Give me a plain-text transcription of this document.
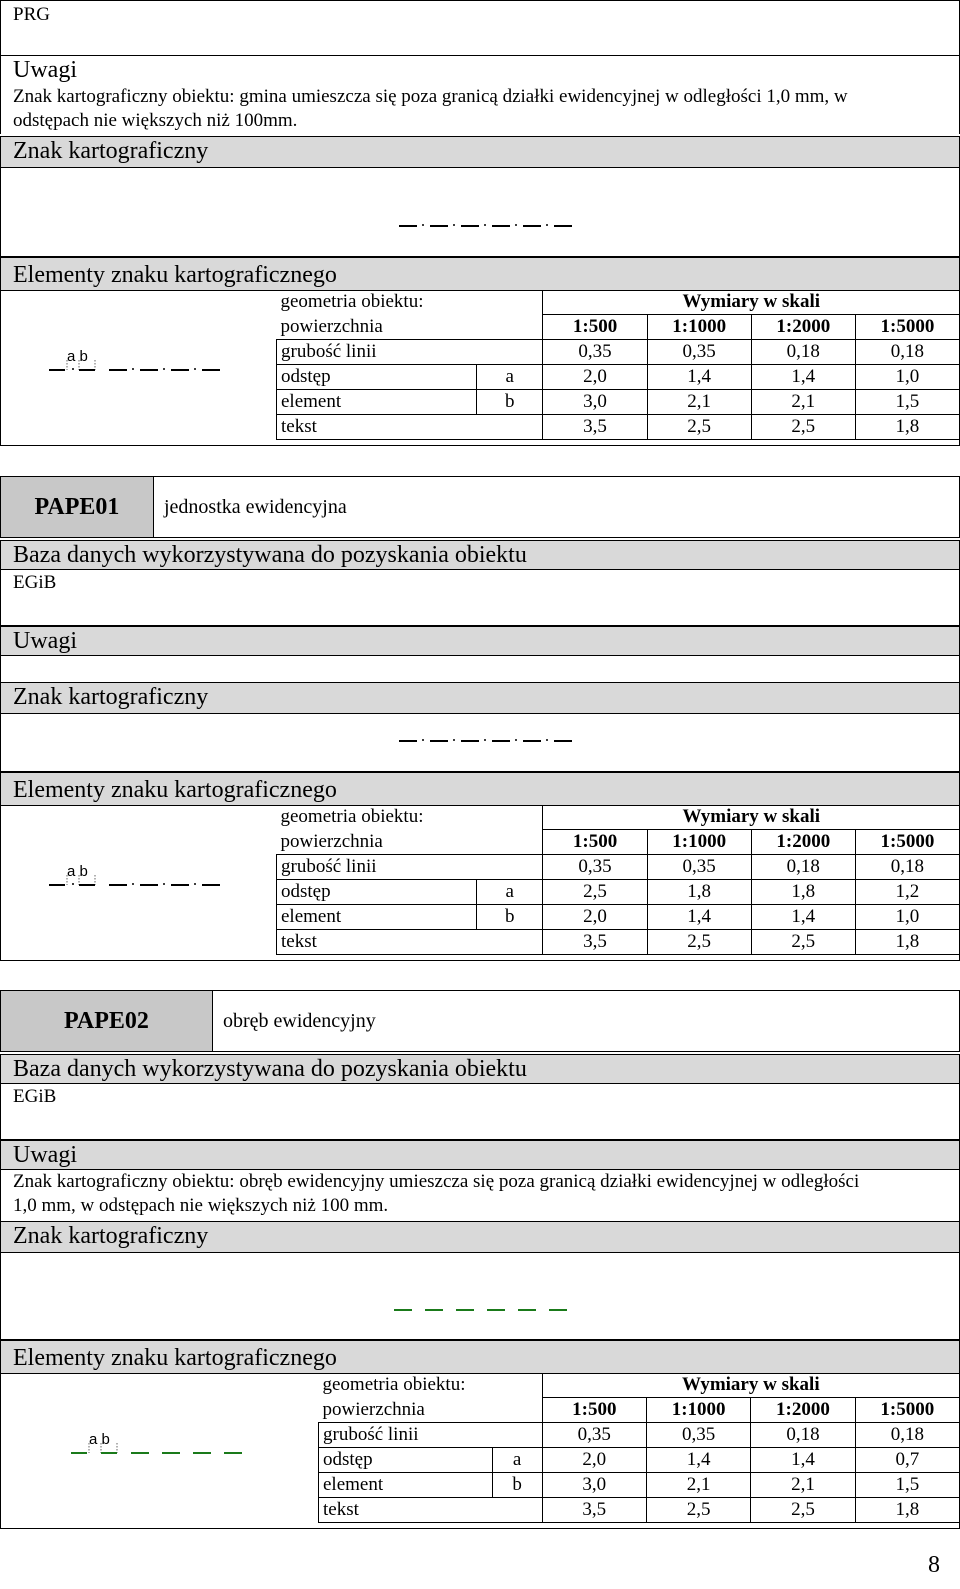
PRG
Uwagi
Znak kartograficzny obiektu: gmina umieszcza się poza granicą działki ewidencyjnej w odległości 1,0 mm, w odstępach nie większych niż 100mm.
Znak kartograficzny
Elementy znaku kartograficznego
a b
geometria obiektu:		Wymiary w skali			
powierzchnia		1:500	1:1000	1:2000	1:5000
grubość linii		0,35	0,35	0,18	0,18
odstęp	a	2,0	1,4	1,4	1,0
element	b	3,0	2,1	2,1	1,5
tekst		3,5	2,5	2,5	1,8
PAPE01	jednostka ewidencyjna
Baza danych wykorzystywana do pozyskania obiektu
EGiB
Uwagi
Znak kartograficzny
Elementy znaku kartograficznego
a b
geometria obiektu:		Wymiary w skali			
powierzchnia		1:500	1:1000	1:2000	1:5000
grubość linii		0,35	0,35	0,18	0,18
odstęp	a	2,5	1,8	1,8	1,2
element	b	2,0	1,4	1,4	1,0
tekst		3,5	2,5	2,5	1,8
PAPE02	obręb ewidencyjny
Baza danych wykorzystywana do pozyskania obiektu
EGiB
Uwagi
Znak kartograficzny obiektu: obręb ewidencyjny umieszcza się poza granicą działki ewidencyjnej w odległości 1,0 mm, w odstępach nie większych niż 100 mm.
Znak kartograficzny
Elementy znaku kartograficznego
a b
geometria obiektu:		Wymiary w skali			
powierzchnia		1:500	1:1000	1:2000	1:5000
grubość linii		0,35	0,35	0,18	0,18
odstęp	a	2,0	1,4	1,4	0,7
element	b	3,0	2,1	2,1	1,5
tekst		3,5	2,5	2,5	1,8
8
